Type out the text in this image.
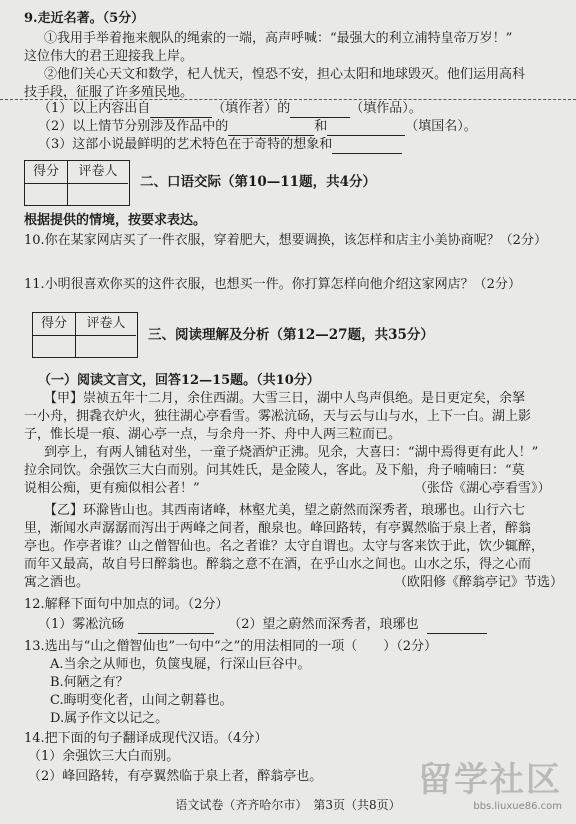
9.走近名著。（5分）
①我用手举着拖来舰队的绳索的一端，高声呼喊：“最强大的利立浦特皇帝万岁！”
这位伟大的君王迎接我上岸。
②他们关心天文和数学，杞人忧天，惶恐不安，担心太阳和地球毁灭。他们运用高科
技手段，征服了许多殖民地。
（1）以上内容出自	（填作者）的	（填作品）。
（2）以上情节分别涉及作品中的	和	（填国名）。
（3）这部小说最鲜明的艺术特色在于奇特的想象和
得分	评卷人
二、口语交际（第10—11题，共4分）
根据提供的情境，按要求表达。
10.你在某家网店买了一件衣服，穿着肥大，想要调换，该怎样和店主小美协商呢？（2分）
11.小明很喜欢你买的这件衣服，也想买一件。你打算怎样向他介绍这家网店？（2分）
得分	评卷人
三、阅读理解及分析（第12—27题，共35分）
（一）阅读文言文，回答12—15题。（共10分）
【甲】崇祯五年十二月，余住西湖。大雪三日，湖中人鸟声俱绝。是日更定矣，余拏
一小舟，拥毳衣炉火，独往湖心亭看雪。雾凇沆砀，天与云与山与水，上下一白。湖上影
子，惟长堤一痕、湖心亭一点，与余舟一芥、舟中人两三粒而已。
到亭上，有两人铺毡对坐，一童子烧酒炉正沸。见余，大喜曰：“湖中焉得更有此人！”
拉余同饮。余强饮三大白而别。问其姓氏，是金陵人，客此。及下船，舟子喃喃曰：“莫
说相公痴，更有痴似相公者！”	（张岱《湖心亭看雪》）
【乙】环滁皆山也。其西南诸峰，林壑尤美，望之蔚然而深秀者，琅琊也。山行六七
里，渐闻水声潺潺而泻出于两峰之间者，酿泉也。峰回路转，有亭翼然临于泉上者，醉翁
亭也。作亭者谁？山之僧智仙也。名之者谁？太守自谓也。太守与客来饮于此，饮少辄醉，
而年又最高，故自号曰醉翁也。醉翁之意不在酒，在乎山水之间也。山水之乐，得之心而
寓之酒也。	（欧阳修《醉翁亭记》节选）
12.解释下面句中加点的词。（2分）
（1）雾凇沆砀	（2）望之蔚然而深秀者，琅琊也
13.选出与“山之僧智仙也”一句中“之”的用法相同的一项（　　）（2分）
A.当余之从师也，负箧曳屣，行深山巨谷中。
B.何陋之有？
C.晦明变化者，山间之朝暮也。
D.属予作文以记之。
14.把下面的句子翻译成现代汉语。（4分）
（1）余强饮三大白而别。
（2）峰回路转，有亭翼然临于泉上者，醉翁亭也。
语文试卷（齐齐哈尔市）　第3页（共8页）
留学社区
bbs.liuxue86.com
